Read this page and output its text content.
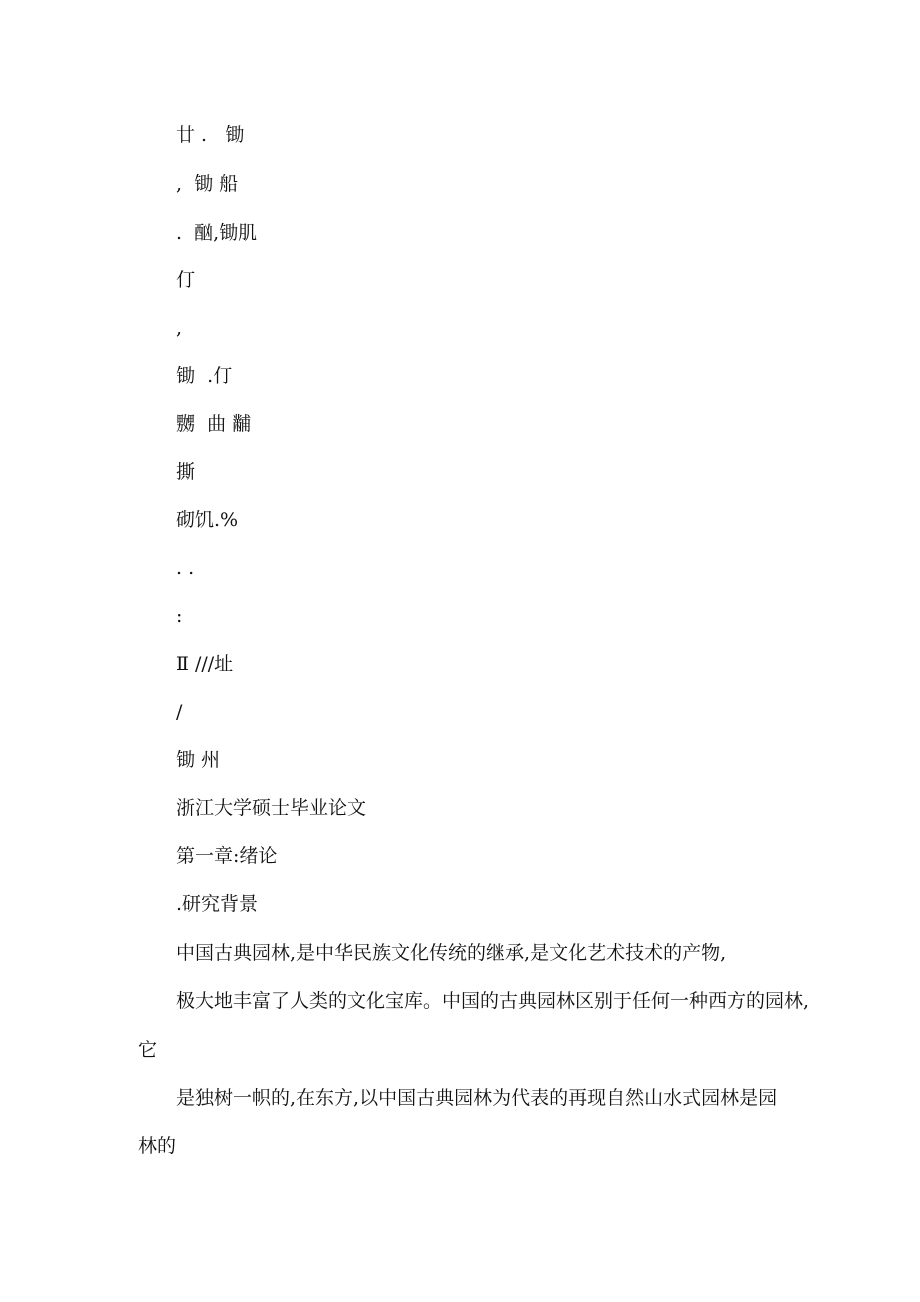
廿 .   锄

,  锄 船

.  酗,锄肌

仃

,

锄  .仃

嬲  曲 黼

撕

砌饥.%

. .

:

Ⅱ ///址

/

锄 州

浙江大学硕士毕业论文

第一章:绪论

.研究背景

中国古典园林,是中华民族文化传统的继承,是文化艺术技术的产物,

极大地丰富了人类的文化宝库。中国的古典园林区别于任何一种西方的园林,

它

是独树一帜的,在东方,以中国古典园林为代表的再现自然山水式园林是园

林的
